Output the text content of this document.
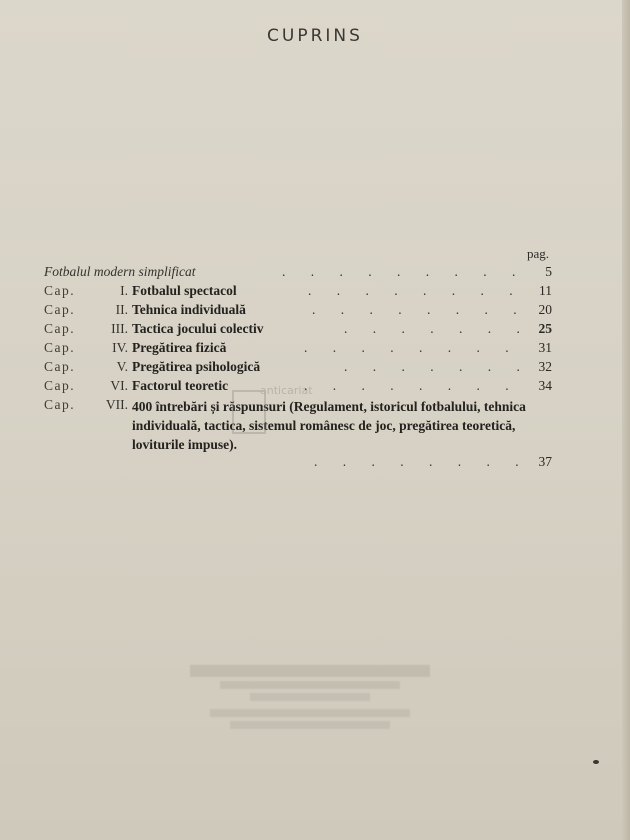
CUPRINS
pag.
Fotbalul modern simplificat	. . . . . . . . .	5
Cap.	I. Fotbalul spectacol	. . . . . . . .	11
Cap.	II. Tehnica individuală	. . . . . . . . 20
Cap.	III. Tactica jocului colectiv	. . . . . . . 25
Cap.	IV. Pregătirea fizică	. . . . . . . .	31
Cap.	V. Pregătirea psihologică	. . . . . . . 32
Cap.	VI. Factorul teoretic	. . . . . . . .	34
Cap.	VII. 400 întrebări și răspunsuri (Regulament, istoricul fotbalului, tehnica individuală, tactica, sistemul românesc de joc, pregătirea teoretică, loviturile impuse).
. . . . . . . . 37
anticariat
